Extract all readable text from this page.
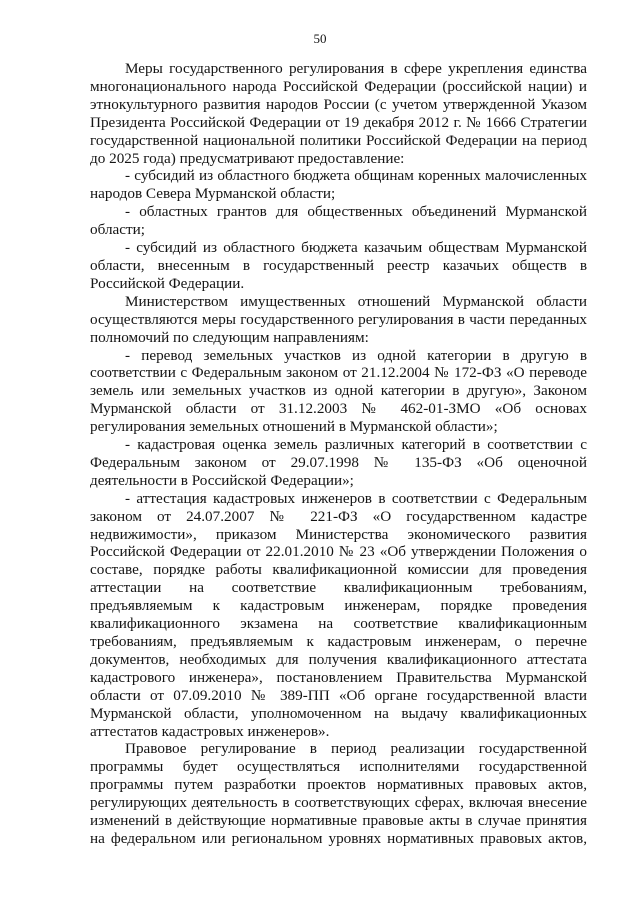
50

Меры государственного регулирования в сфере укрепления единства многонационального народа Российской Федерации (российской нации) и этнокультурного развития народов России (с учетом утвержденной Указом Президента Российской Федерации от 19 декабря 2012 г. № 1666 Стратегии государственной национальной политики Российской Федерации на период до 2025 года) предусматривают предоставление:

- субсидий из областного бюджета общинам коренных малочисленных народов Севера Мурманской области;

- областных грантов для общественных объединений Мурманской области;

- субсидий из областного бюджета казачьим обществам Мурманской области, внесенным в государственный реестр казачьих обществ в Российской Федерации.

Министерством имущественных отношений Мурманской области осуществляются меры государственного регулирования в части переданных полномочий по следующим направлениям:

- перевод земельных участков из одной категории в другую в соответствии с Федеральным законом от 21.12.2004 № 172-ФЗ «О переводе земель или земельных участков из одной категории в другую», Законом Мурманской области от 31.12.2003 № 462-01-ЗМО «Об основах регулирования земельных отношений в Мурманской области»;

- кадастровая оценка земель различных категорий в соответствии с Федеральным законом от 29.07.1998 № 135-ФЗ «Об оценочной деятельности в Российской Федерации»;

- аттестация кадастровых инженеров в соответствии с Федеральным законом от 24.07.2007 № 221-ФЗ «О государственном кадастре недвижимости», приказом Министерства экономического развития Российской Федерации от 22.01.2010 № 23 «Об утверждении Положения о составе, порядке работы квалификационной комиссии для проведения аттестации на соответствие квалификационным требованиям, предъявляемым к кадастровым инженерам, порядке проведения квалификационного экзамена на соответствие квалификационным требованиям, предъявляемым к кадастровым инженерам, о перечне документов, необходимых для получения квалификационного аттестата кадастрового инженера», постановлением Правительства Мурманской области от 07.09.2010 № 389-ПП «Об органе государственной власти Мурманской области, уполномоченном на выдачу квалификационных аттестатов кадастровых инженеров».

Правовое регулирование в период реализации государственной программы будет осуществляться исполнителями государственной программы путем разработки проектов нормативных правовых актов, регулирующих деятельность в соответствующих сферах, включая внесение изменений в действующие нормативные правовые акты в случае принятия на федеральном или региональном уровнях нормативных правовых актов,
